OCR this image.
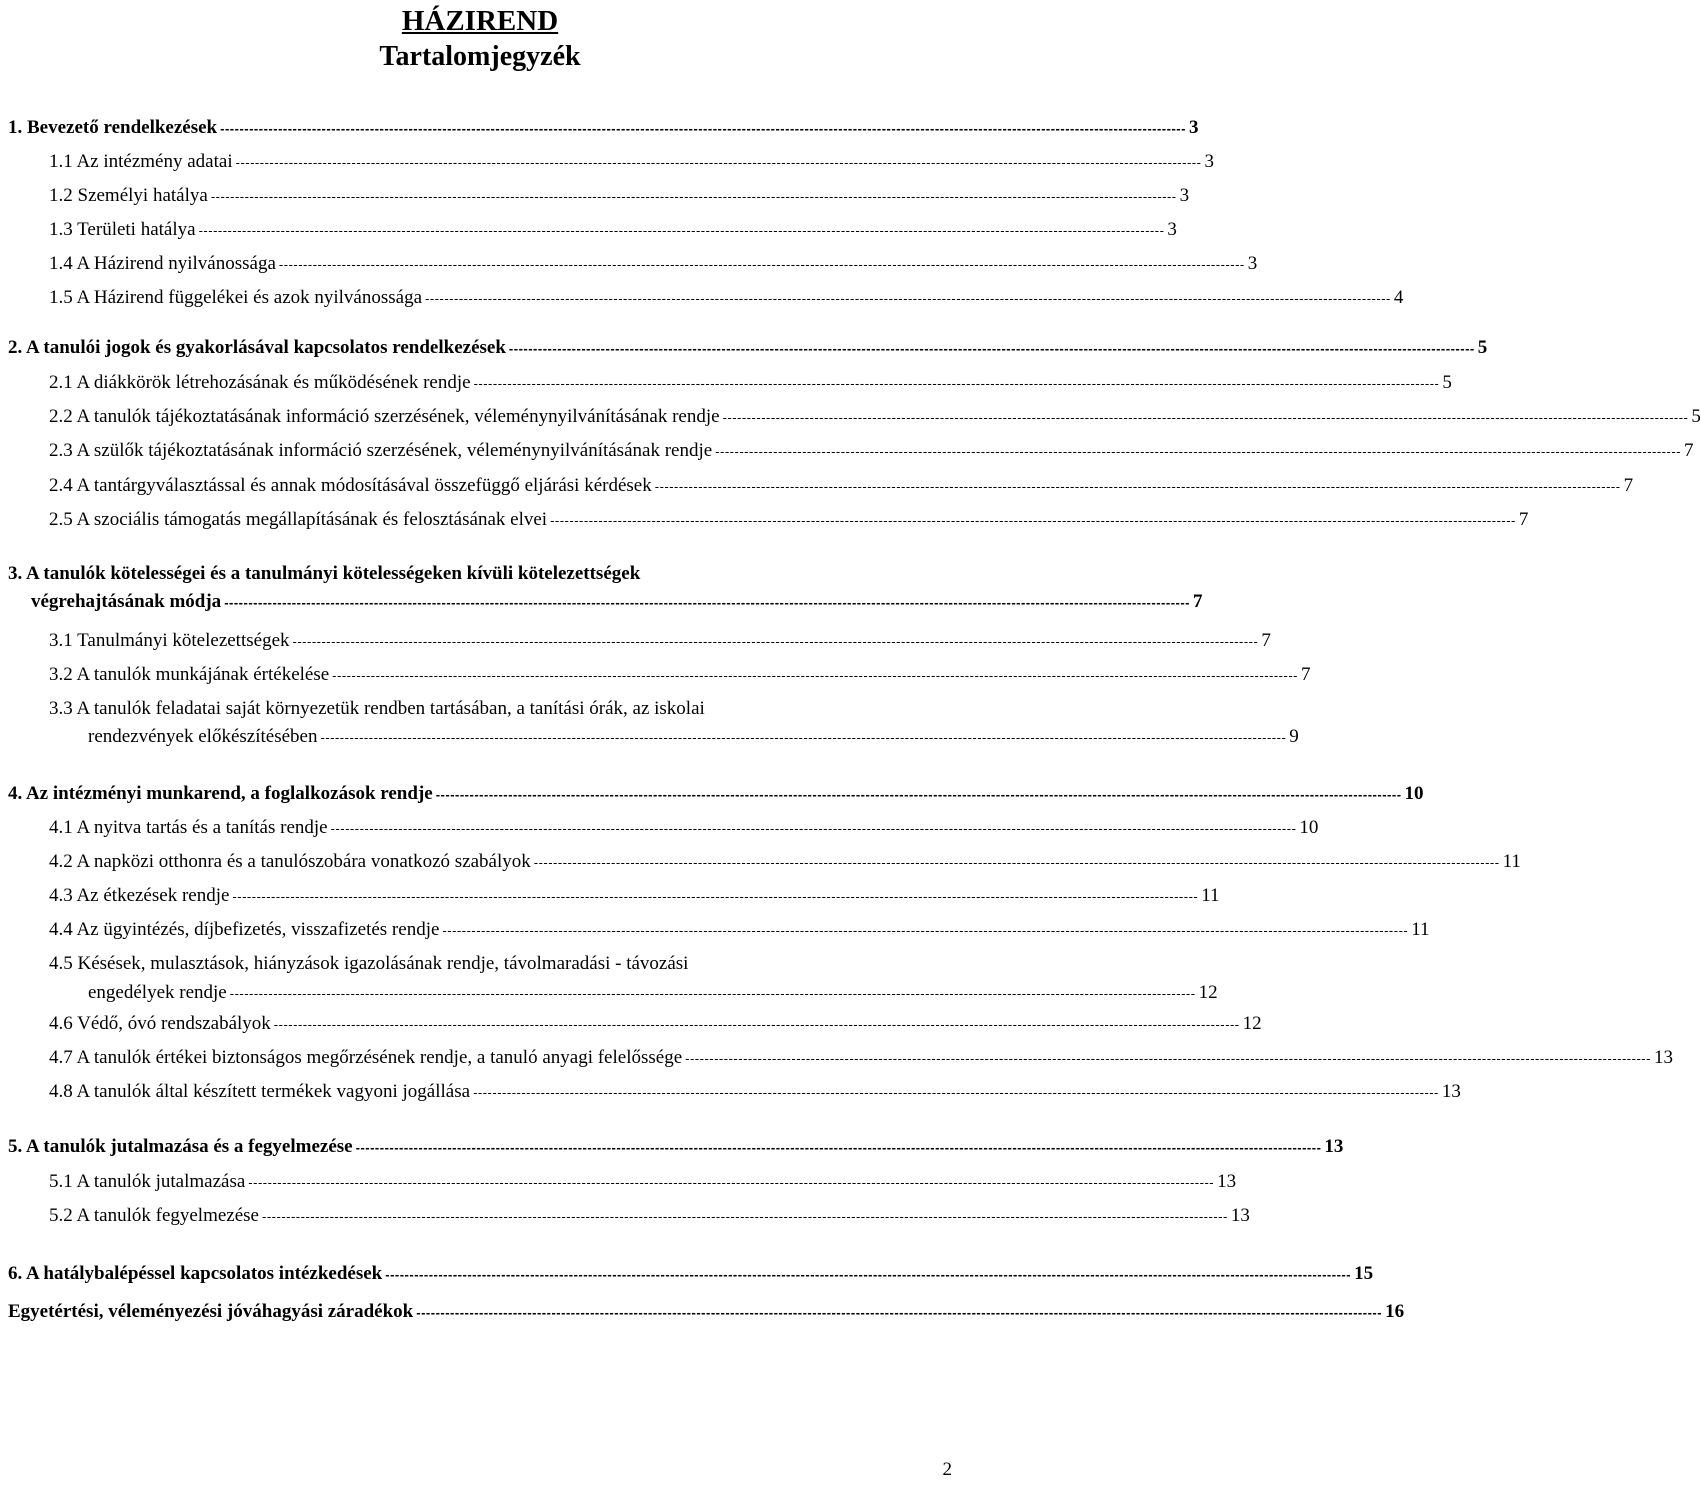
HÁZIREND
Tartalomjegyzék
1. Bevezető rendelkezések -------------------------------------------------------------------------------------------------------------------------------------------------------------------------------------------------------- 3
1.1 Az intézmény adatai -------------------------------------------------------------------------------------------------------------------------------------------------------------------------------------------------------- 3
1.2 Személyi hatálya -------------------------------------------------------------------------------------------------------------------------------------------------------------------------------------------------------- 3
1.3 Területi hatálya -------------------------------------------------------------------------------------------------------------------------------------------------------------------------------------------------------- 3
1.4 A Házirend nyilvánossága -------------------------------------------------------------------------------------------------------------------------------------------------------------------------------------------------------- 3
1.5 A Házirend függelékei és azok nyilvánossága -------------------------------------------------------------------------------------------------------------------------------------------------------------------------------------------------------- 4
2. A tanulói jogok és gyakorlásával kapcsolatos rendelkezések -------------------------------------------------------------------------------------------------------------------------------------------------------------------------------------------------------- 5
2.1 A diákkörök létrehozásának és működésének rendje -------------------------------------------------------------------------------------------------------------------------------------------------------------------------------------------------------- 5
2.2 A tanulók tájékoztatásának információ szerzésének, véleménynyilvánításának rendje -------------------------------------------------------------------------------------------------------------------------------------------------------------------------------------------------------- 5
2.3 A szülők tájékoztatásának információ szerzésének, véleménynyilvánításának rendje -------------------------------------------------------------------------------------------------------------------------------------------------------------------------------------------------------- 7
2.4 A tantárgyválasztással és annak módosításával összefüggő eljárási kérdések -------------------------------------------------------------------------------------------------------------------------------------------------------------------------------------------------------- 7
2.5 A szociális támogatás megállapításának és felosztásának elvei -------------------------------------------------------------------------------------------------------------------------------------------------------------------------------------------------------- 7
3. A tanulók kötelességei és a tanulmányi kötelességeken kívüli kötelezettségek
végrehajtásának módja -------------------------------------------------------------------------------------------------------------------------------------------------------------------------------------------------------- 7
3.1 Tanulmányi kötelezettségek -------------------------------------------------------------------------------------------------------------------------------------------------------------------------------------------------------- 7
3.2 A tanulók munkájának értékelése -------------------------------------------------------------------------------------------------------------------------------------------------------------------------------------------------------- 7
3.3 A tanulók feladatai saját környezetük rendben tartásában, a tanítási órák, az iskolai
rendezvények előkészítésében -------------------------------------------------------------------------------------------------------------------------------------------------------------------------------------------------------- 9
4. Az intézményi munkarend, a foglalkozások rendje -------------------------------------------------------------------------------------------------------------------------------------------------------------------------------------------------------- 10
4.1 A nyitva tartás és a tanítás rendje -------------------------------------------------------------------------------------------------------------------------------------------------------------------------------------------------------- 10
4.2 A napközi otthonra és a tanulószobára vonatkozó szabályok -------------------------------------------------------------------------------------------------------------------------------------------------------------------------------------------------------- 11
4.3 Az étkezések rendje -------------------------------------------------------------------------------------------------------------------------------------------------------------------------------------------------------- 11
4.4 Az ügyintézés, díjbefizetés, visszafizetés rendje -------------------------------------------------------------------------------------------------------------------------------------------------------------------------------------------------------- 11
4.5 Késések, mulasztások, hiányzások igazolásának rendje, távolmaradási - távozási
engedélyek rendje -------------------------------------------------------------------------------------------------------------------------------------------------------------------------------------------------------- 12
4.6 Védő, óvó rendszabályok -------------------------------------------------------------------------------------------------------------------------------------------------------------------------------------------------------- 12
4.7 A tanulók értékei biztonságos megőrzésének rendje, a tanuló anyagi felelőssége -------------------------------------------------------------------------------------------------------------------------------------------------------------------------------------------------------- 13
4.8 A tanulók által készített termékek vagyoni jogállása -------------------------------------------------------------------------------------------------------------------------------------------------------------------------------------------------------- 13
5. A tanulók jutalmazása és a fegyelmezése -------------------------------------------------------------------------------------------------------------------------------------------------------------------------------------------------------- 13
5.1 A tanulók jutalmazása -------------------------------------------------------------------------------------------------------------------------------------------------------------------------------------------------------- 13
5.2 A tanulók fegyelmezése -------------------------------------------------------------------------------------------------------------------------------------------------------------------------------------------------------- 13
6. A hatálybalépéssel kapcsolatos intézkedések -------------------------------------------------------------------------------------------------------------------------------------------------------------------------------------------------------- 15
Egyetértési, véleményezési jóváhagyási záradékok -------------------------------------------------------------------------------------------------------------------------------------------------------------------------------------------------------- 16
2
